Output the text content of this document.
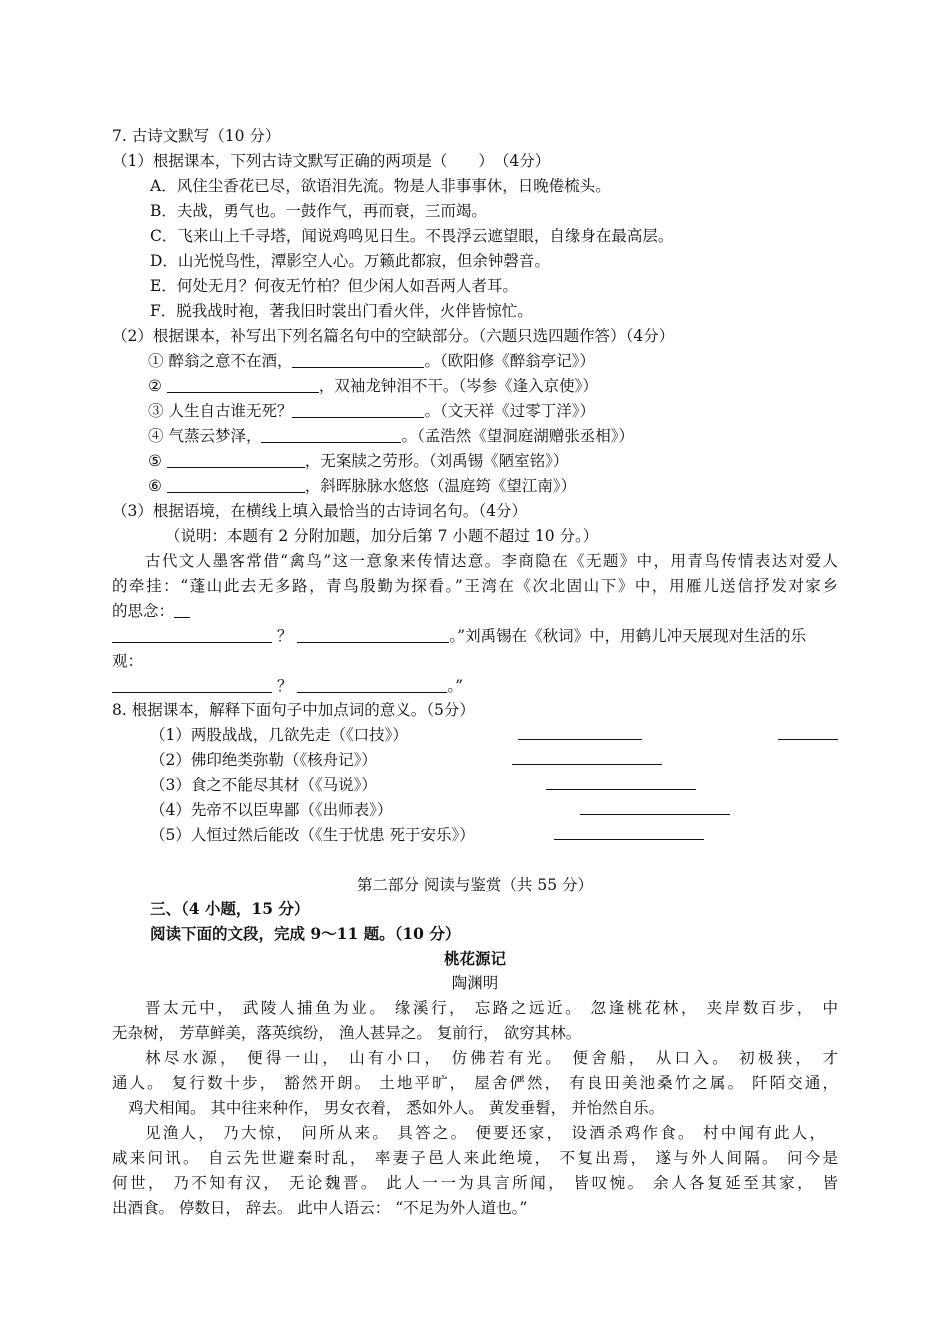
7. 古诗文默写（10 分）
（1）根据课本，下列古诗文默写正确的两项是（　　）　（4分）
A．风住尘香花已尽，欲语泪先流。物是人非事事休，日晚倦梳头。
B．夫战，勇气也。一鼓作气，再而衰，三而竭。
C．飞来山上千寻塔，闻说鸡鸣见日生。不畏浮云遮望眼，自缘身在最高层。
D．山光悦鸟性，潭影空人心。万籁此都寂，但余钟磬音。
E．何处无月？何夜无竹柏？但少闲人如吾两人者耳。
F．脱我战时袍，著我旧时裳出门看火伴，火伴皆惊忙。
（2）根据课本，补写出下列名篇名句中的空缺部分。（六题只选四题作答）（4分）
① 醉翁之意不在酒，	。（欧阳修《醉翁亭记》）
②	，双袖龙钟泪不干。（岑参《逢入京使》）
③ 人生自古谁无死？	。（文天祥《过零丁洋》）
④ 气蒸云梦泽，	。（孟浩然《望洞庭湖赠张丞相》）
⑤	，无案牍之劳形。（刘禹锡《陋室铭》）
⑥	，斜晖脉脉水悠悠（温庭筠《望江南》）
（3）根据语境，在横线上填入最恰当的古诗词名句。（4分）
（说明：本题有 2 分附加题，加分后第 7 小题不超过 10 分。）
古代文人墨客常借“禽鸟”这一意象来传情达意。李商隐在《无题》中，用青鸟传情表达对爱人
的牵挂：“蓬山此去无多路，青鸟殷勤为探看。”王湾在《次北固山下》中，用雁儿送信抒发对家乡
的思念：
？	。”刘禹锡在《秋词》中，用鹤儿冲天展现对生活的乐
观：
？	。”
8. 根据课本，解释下面句子中加点词的意义。（5分）
（1）两股战战，几欲先走（《口技》）
（2）佛印绝类弥勒（《核舟记》）
（3）食之不能尽其材（《马说》）
（4）先帝不以臣卑鄙（《出师表》）
（5）人恒过然后能改（《生于忧患 死于安乐》）
第二部分 阅读与鉴赏（共 55 分）
三、（4 小题，15 分）
阅读下面的文段，完成 9～11 题。（10 分）
桃花源记
陶渊明
晋太元中， 武陵人捕鱼为业。 缘溪行， 忘路之远近。 忽逢桃花林， 夹岸数百步， 中
无杂树， 芳草鲜美，落英缤纷， 渔人甚异之。 复前行， 欲穷其林。
林尽水源， 便得一山， 山有小口， 仿佛若有光。 便舍船， 从口入。 初极狭， 才
通人。 复行数十步， 豁然开朗。 土地平旷， 屋舍俨然， 有良田美池桑竹之属。 阡陌交通，
鸡犬相闻。 其中往来种作， 男女衣着， 悉如外人。 黄发垂髫， 并怡然自乐。
见渔人， 乃大惊， 问所从来。 具答之。 便要还家， 设酒杀鸡作食。 村中闻有此人，
咸来问讯。 自云先世避秦时乱， 率妻子邑人来此绝境， 不复出焉， 遂与外人间隔。 问今是
何世， 乃不知有汉， 无论魏晋。 此人一一为具言所闻， 皆叹惋。 余人各复延至其家， 皆
出酒食。 停数日， 辞去。 此中人语云： “不足为外人道也。”
